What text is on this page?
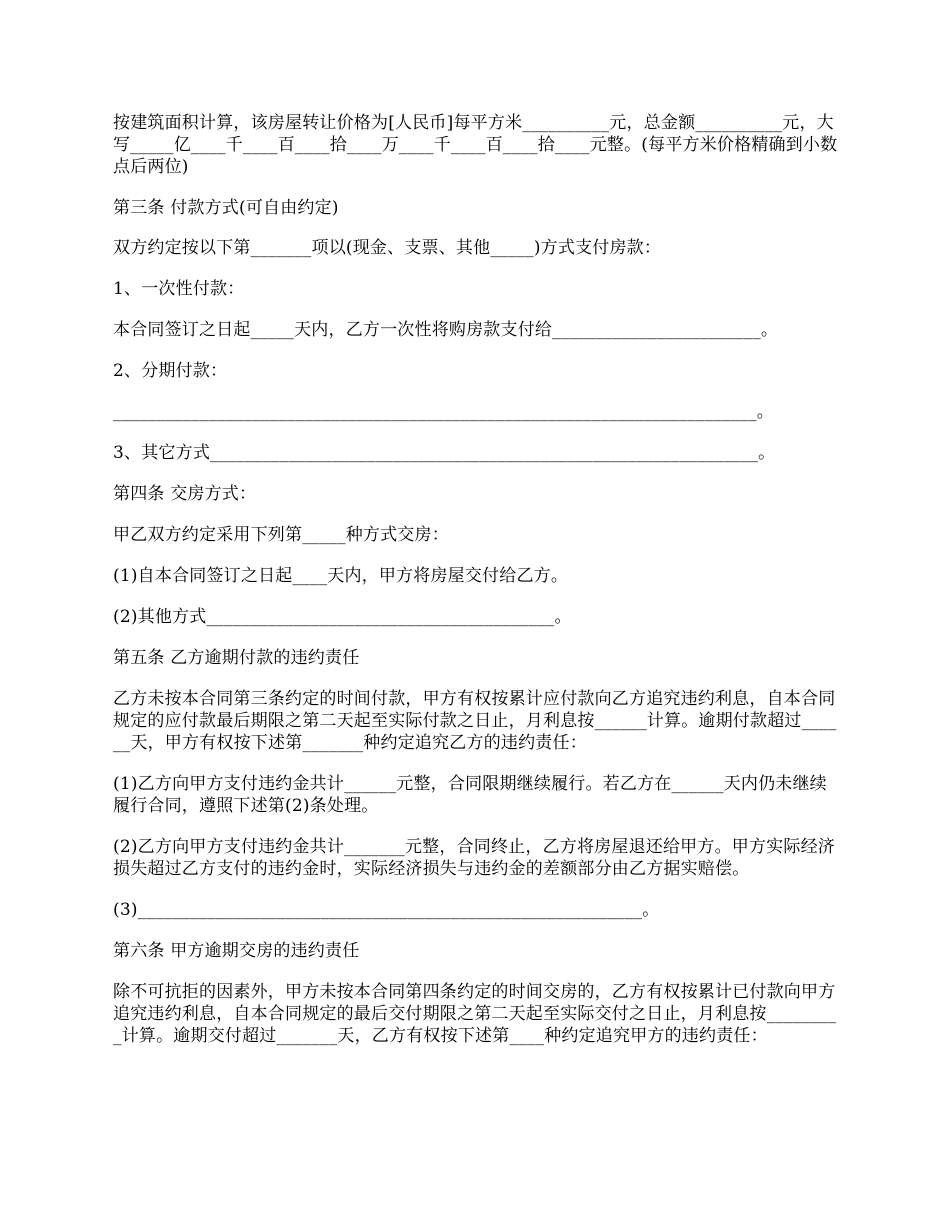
按建筑面积计算，该房屋转让价格为[人民币]每平方米__________元，总金额__________元，大写_____亿____千____百____拾____万____千____百____拾____元整。(每平方米价格精确到小数点后两位)

第三条 付款方式(可自由约定)

双方约定按以下第_______项以(现金、支票、其他_____)方式支付房款：

1、一次性付款：

本合同签订之日起_____天内，乙方一次性将购房款支付给________________________。

2、分期付款：

__________________________________________________________________________。

3、其它方式_______________________________________________________________。

第四条 交房方式：

甲乙双方约定采用下列第_____种方式交房：

(1)自本合同签订之日起____天内，甲方将房屋交付给乙方。

(2)其他方式________________________________________。

第五条 乙方逾期付款的违约责任

乙方未按本合同第三条约定的时间付款，甲方有权按累计应付款向乙方追究违约利息，自本合同规定的应付款最后期限之第二天起至实际付款之日止，月利息按______计算。逾期付款超过______天，甲方有权按下述第_______种约定追究乙方的违约责任：

(1)乙方向甲方支付违约金共计______元整，合同限期继续履行。若乙方在______天内仍未继续履行合同，遵照下述第(2)条处理。

(2)乙方向甲方支付违约金共计_______元整，合同终止，乙方将房屋退还给甲方。甲方实际经济损失超过乙方支付的违约金时，实际经济损失与违约金的差额部分由乙方据实赔偿。

(3)__________________________________________________________。

第六条 甲方逾期交房的违约责任

除不可抗拒的因素外，甲方未按本合同第四条约定的时间交房的，乙方有权按累计已付款向甲方追究违约利息，自本合同规定的最后交付期限之第二天起至实际交付之日止，月利息按_________计算。逾期交付超过_______天，乙方有权按下述第____种约定追究甲方的违约责任：
